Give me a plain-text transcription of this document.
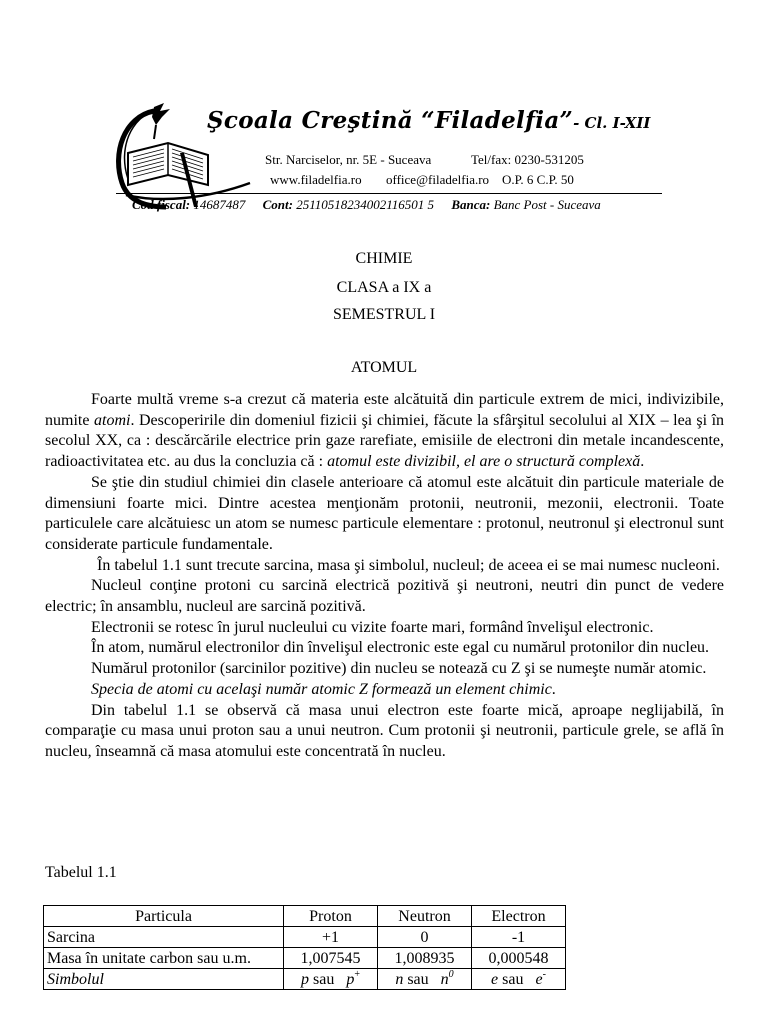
Şcoala Creştină “Filadelfia”- Cl. I-XII
Str. Narciselor, nr. 5E - Suceava	Tel/fax: 0230-531205
www.filadelfia.ro office@filadelfia.ro O.P. 6 C.P. 50
Cod fiscal: 14687487 Cont: 25110518234002116501 5 Banca: Banc Post - Suceava
CHIMIE
CLASA a IX a
SEMESTRUL I
ATOMUL

Foarte multă vreme s-a crezut că materia este alcătuită din particule extrem de mici, indivizibile, numite atomi. Descoperirile din domeniul fizicii şi chimiei, făcute la sfârşitul secolului al XIX – lea şi în secolul XX, ca : descărcările electrice prin gaze rarefiate, emisiile de electroni din metale incandescente, radioactivitatea etc. au dus la concluzia că : atomul este divizibil, el are o structură complexă.

Se ştie din studiul chimiei din clasele anterioare că atomul este alcătuit din particule materiale de dimensiuni foarte mici. Dintre acestea menţionăm protonii, neutronii, mezonii, electronii. Toate particulele care alcătuiesc un atom se numesc particule elementare : protonul, neutronul şi electronul sunt considerate particule fundamentale.

În tabelul 1.1 sunt trecute sarcina, masa şi simbolul, nucleul; de aceea ei se mai numesc nucleoni.

Nucleul conţine protoni cu sarcină electrică pozitivă şi neutroni, neutri din punct de vedere electric; în ansamblu, nucleul are sarcină pozitivă.

Electronii se rotesc în jurul nucleului cu vizite foarte mari, formând învelişul electronic.

În atom, numărul electronilor din învelişul electronic este egal cu numărul protonilor din nucleu.

Numărul protonilor (sarcinilor pozitive) din nucleu se notează cu Z şi se numeşte număr atomic.

Specia de atomi cu acelaşi număr atomic Z formează un element chimic.

Din tabelul 1.1 se observă că masa unui electron este foarte mică, aproape neglijabilă, în comparaţie cu masa unui proton sau a unui neutron. Cum protonii şi neutronii, particule grele, se află în nucleu, înseamnă că masa atomului este concentrată în nucleu.

Tabelul 1.1
Particula	Proton	Neutron	Electron
Sarcina	+1	0	-1
Masa în unitate carbon sau u.m.	1,007545	1,008935	0,000548
Simbolul	p sau   p+	n sau   $n^0$	e sau   e-
